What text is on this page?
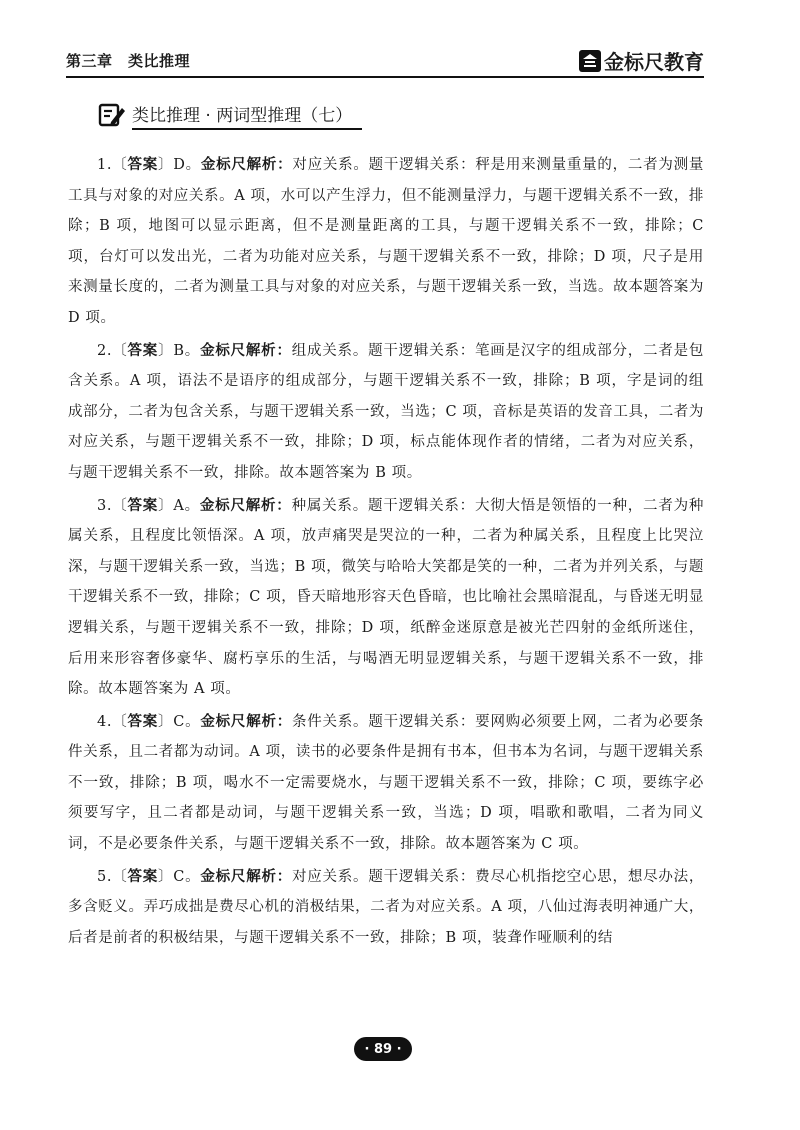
第三章　类比推理	金标尺教育
类比推理 · 两词型推理（七）

1.〔答案〕D。金标尺解析：对应关系。题干逻辑关系：秤是用来测量重量的，二者为测量工具与对象的对应关系。A 项，水可以产生浮力，但不能测量浮力，与题干逻辑关系不一致，排除；B 项，地图可以显示距离，但不是测量距离的工具，与题干逻辑关系不一致，排除；C 项，台灯可以发出光，二者为功能对应关系，与题干逻辑关系不一致，排除；D 项，尺子是用来测量长度的，二者为测量工具与对象的对应关系，与题干逻辑关系一致，当选。故本题答案为 D 项。

2.〔答案〕B。金标尺解析：组成关系。题干逻辑关系：笔画是汉字的组成部分，二者是包含关系。A 项，语法不是语序的组成部分，与题干逻辑关系不一致，排除；B 项，字是词的组成部分，二者为包含关系，与题干逻辑关系一致，当选；C 项，音标是英语的发音工具，二者为对应关系，与题干逻辑关系不一致，排除；D 项，标点能体现作者的情绪，二者为对应关系，与题干逻辑关系不一致，排除。故本题答案为 B 项。

3.〔答案〕A。金标尺解析：种属关系。题干逻辑关系：大彻大悟是领悟的一种，二者为种属关系，且程度比领悟深。A 项，放声痛哭是哭泣的一种，二者为种属关系，且程度上比哭泣深，与题干逻辑关系一致，当选；B 项，微笑与哈哈大笑都是笑的一种，二者为并列关系，与题干逻辑关系不一致，排除；C 项，昏天暗地形容天色昏暗，也比喻社会黑暗混乱，与昏迷无明显逻辑关系，与题干逻辑关系不一致，排除；D 项，纸醉金迷原意是被光芒四射的金纸所迷住，后用来形容奢侈豪华、腐朽享乐的生活，与喝酒无明显逻辑关系，与题干逻辑关系不一致，排除。故本题答案为 A 项。

4.〔答案〕C。金标尺解析：条件关系。题干逻辑关系：要网购必须要上网，二者为必要条件关系，且二者都为动词。A 项，读书的必要条件是拥有书本，但书本为名词，与题干逻辑关系不一致，排除；B 项，喝水不一定需要烧水，与题干逻辑关系不一致，排除；C 项，要练字必须要写字，且二者都是动词，与题干逻辑关系一致，当选；D 项，唱歌和歌唱，二者为同义词，不是必要条件关系，与题干逻辑关系不一致，排除。故本题答案为 C 项。

5.〔答案〕C。金标尺解析：对应关系。题干逻辑关系：费尽心机指挖空心思，想尽办法，多含贬义。弄巧成拙是费尽心机的消极结果，二者为对应关系。A 项，八仙过海表明神通广大，后者是前者的积极结果，与题干逻辑关系不一致，排除；B 项，装聋作哑顺利的结

· 89 ·
